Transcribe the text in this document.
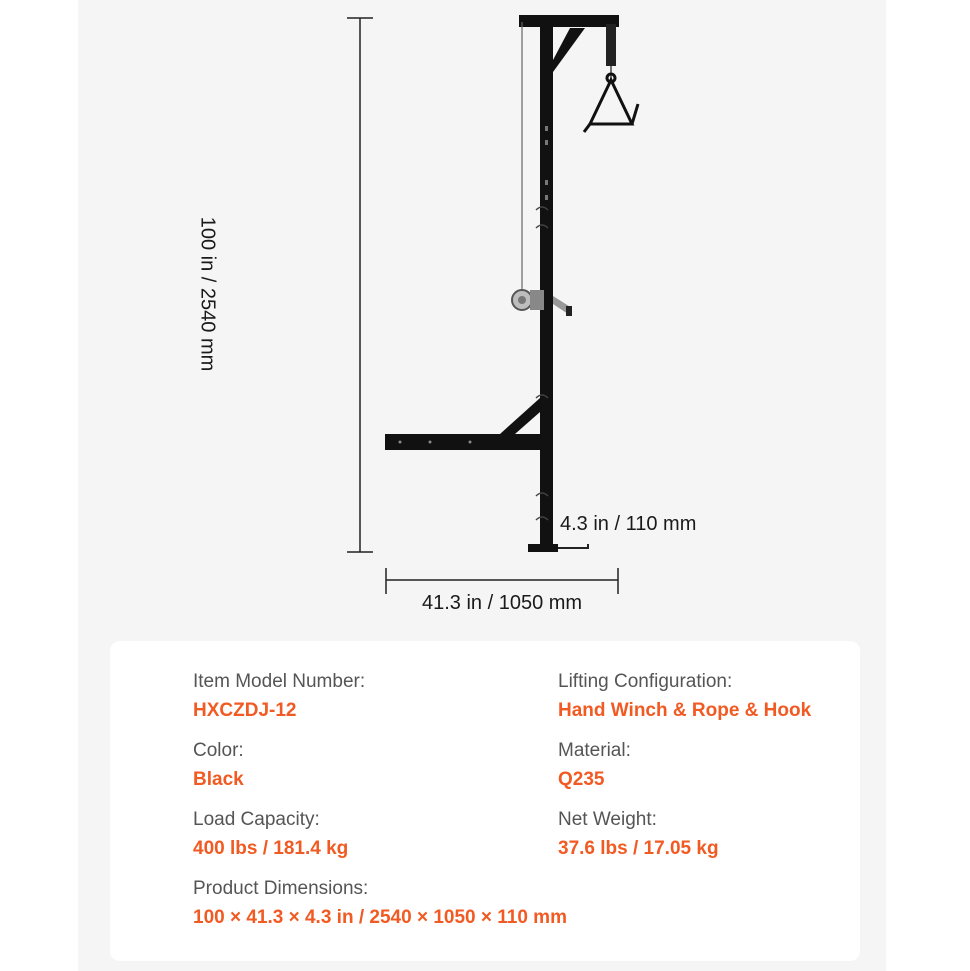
100 in / 2540 mm
4.3 in / 110 mm
41.3 in / 1050 mm
Item Model Number:
HXCZDJ-12
Lifting Configuration:
Hand Winch & Rope & Hook
Color:
Black
Material:
Q235
Load Capacity:
400 lbs / 181.4 kg
Net Weight:
37.6 lbs / 17.05 kg
Product Dimensions:
100 × 41.3 × 4.3 in / 2540 × 1050 × 110 mm
